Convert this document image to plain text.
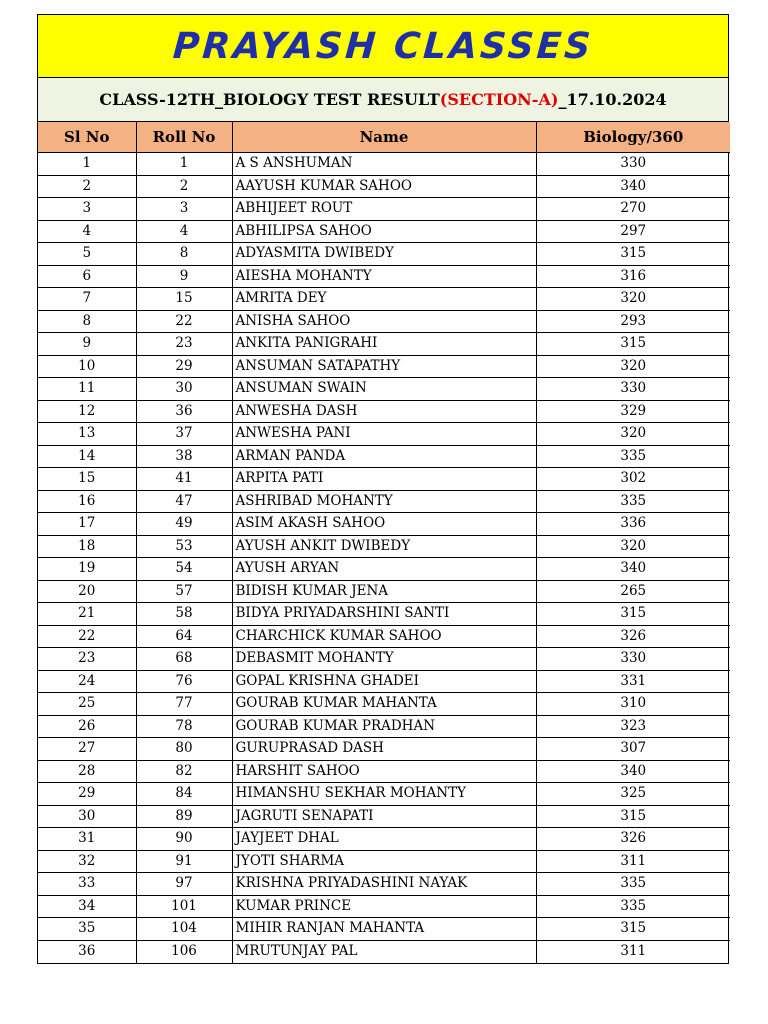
PRAYASH CLASSES
CLASS-12TH_BIOLOGY TEST RESULT (SECTION-A) _17.10.2024
Sl No	Roll No	Name	Biology/360
1	1	A S ANSHUMAN	330
2	2	AAYUSH KUMAR SAHOO	340
3	3	ABHIJEET ROUT	270
4	4	ABHILIPSA SAHOO	297
5	8	ADYASMITA DWIBEDY	315
6	9	AIESHA MOHANTY	316
7	15	AMRITA DEY	320
8	22	ANISHA SAHOO	293
9	23	ANKITA PANIGRAHI	315
10	29	ANSUMAN SATAPATHY	320
11	30	ANSUMAN SWAIN	330
12	36	ANWESHA DASH	329
13	37	ANWESHA PANI	320
14	38	ARMAN PANDA	335
15	41	ARPITA PATI	302
16	47	ASHRIBAD MOHANTY	335
17	49	ASIM AKASH SAHOO	336
18	53	AYUSH ANKIT DWIBEDY	320
19	54	AYUSH ARYAN	340
20	57	BIDISH KUMAR JENA	265
21	58	BIDYA PRIYADARSHINI SANTI	315
22	64	CHARCHICK KUMAR SAHOO	326
23	68	DEBASMIT MOHANTY	330
24	76	GOPAL KRISHNA GHADEI	331
25	77	GOURAB KUMAR MAHANTA	310
26	78	GOURAB KUMAR PRADHAN	323
27	80	GURUPRASAD DASH	307
28	82	HARSHIT SAHOO	340
29	84	HIMANSHU SEKHAR MOHANTY	325
30	89	JAGRUTI SENAPATI	315
31	90	JAYJEET DHAL	326
32	91	JYOTI SHARMA	311
33	97	KRISHNA PRIYADASHINI NAYAK	335
34	101	KUMAR PRINCE	335
35	104	MIHIR RANJAN MAHANTA	315
36	106	MRUTUNJAY PAL	311
